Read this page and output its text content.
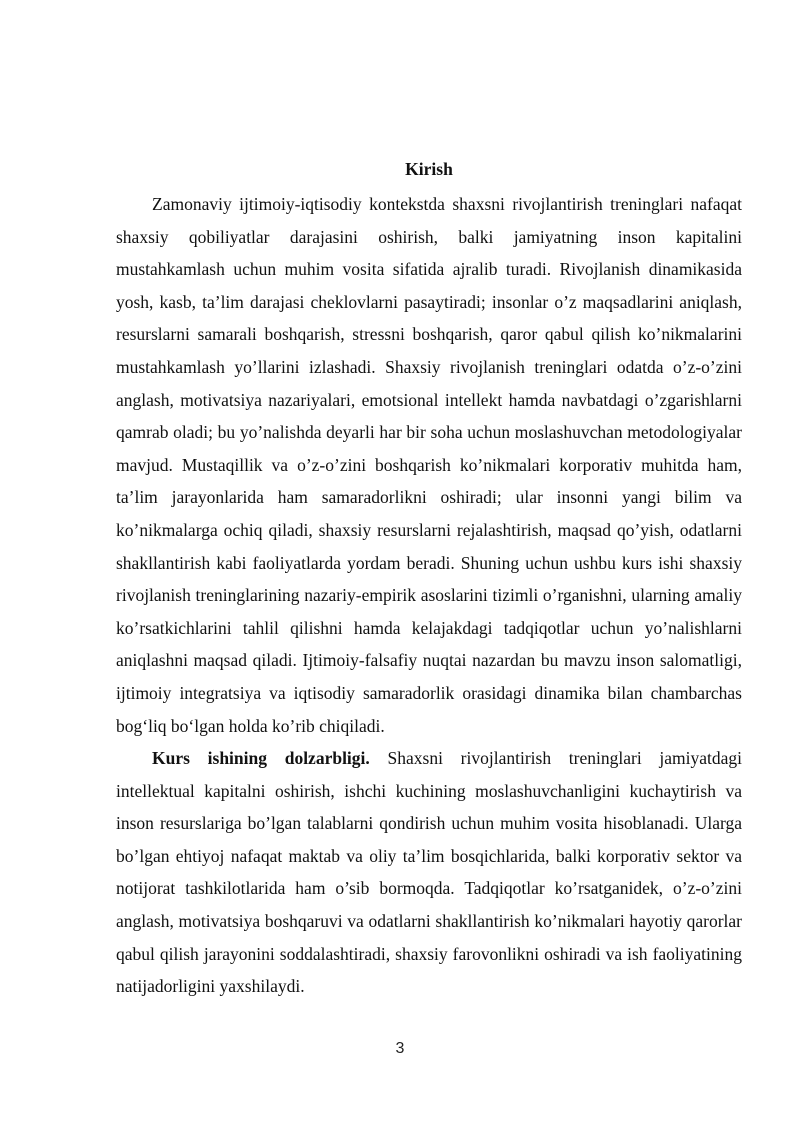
Kirish

Zamonaviy ijtimoiy-iqtisodiy kontekstda shaxsni rivojlantirish treninglari nafaqat shaxsiy qobiliyatlar darajasini oshirish, balki jamiyatning inson kapitalini mustahkamlash uchun muhim vosita sifatida ajralib turadi. Rivojlanish dinamikasida yosh, kasb, ta’lim darajasi cheklovlarni pasaytiradi; insonlar o’z maqsadlarini aniqlash, resurslarni samarali boshqarish, stressni boshqarish, qaror qabul qilish ko’nikmalarini mustahkamlash yo’llarini izlashadi. Shaxsiy rivojlanish treninglari odatda o’z-o’zini anglash, motivatsiya nazariyalari, emotsional intellekt hamda navbatdagi o’zgarishlarni qamrab oladi; bu yo’nalishda deyarli har bir soha uchun moslashuvchan metodologiyalar mavjud. Mustaqillik va o’z-o’zini boshqarish ko’nikmalari korporativ muhitda ham, ta’lim jarayonlarida ham samaradorlikni oshiradi; ular insonni yangi bilim va ko’nikmalarga ochiq qiladi, shaxsiy resurslarni rejalashtirish, maqsad qo’yish, odatlarni shakllantirish kabi faoliyatlarda yordam beradi. Shuning uchun ushbu kurs ishi shaxsiy rivojlanish treninglarining nazariy-empirik asoslarini tizimli o’rganishni, ularning amaliy ko’rsatkichlarini tahlil qilishni hamda kelajakdagi tadqiqotlar uchun yo’nalishlarni aniqlashni maqsad qiladi. Ijtimoiy-falsafiy nuqtai nazardan bu mavzu inson salomatligi, ijtimoiy integratsiya va iqtisodiy samaradorlik orasidagi dinamika bilan chambarchas bog‘liq bo‘lgan holda ko’rib chiqiladi.

Kurs ishining dolzarbligi. Shaxsni rivojlantirish treninglari jamiyatdagi intellektual kapitalni oshirish, ishchi kuchining moslashuvchanligini kuchaytirish va inson resurslariga bo’lgan talablarni qondirish uchun muhim vosita hisoblanadi. Ularga bo’lgan ehtiyoj nafaqat maktab va oliy ta’lim bosqichlarida, balki korporativ sektor va notijorat tashkilotlarida ham o’sib bormoqda. Tadqiqotlar ko’rsatganidek, o’z-o’zini anglash, motivatsiya boshqaruvi va odatlarni shakllantirish ko’nikmalari hayotiy qarorlar qabul qilish jarayonini soddalashtiradi, shaxsiy farovonlikni oshiradi va ish faoliyatining natijadorligini yaxshilaydi.

3
